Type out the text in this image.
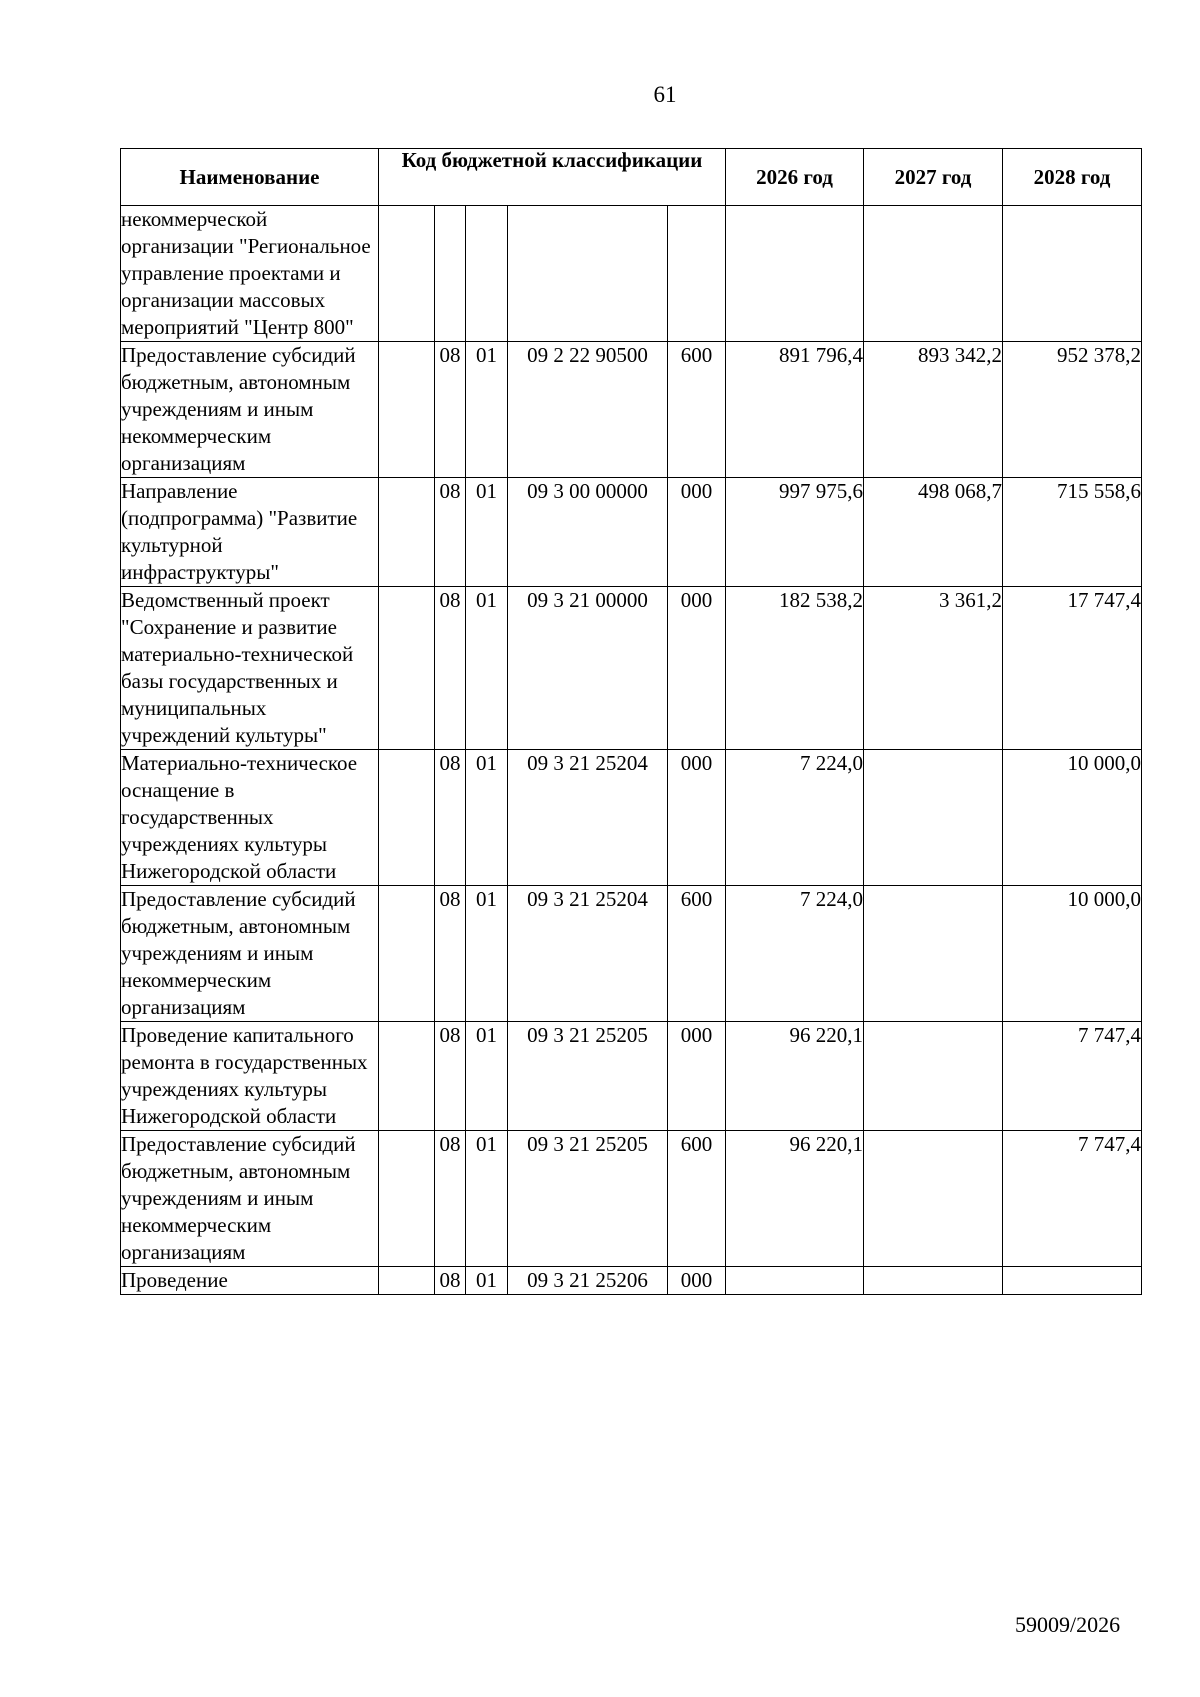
61
Наименование	Код бюджетной классификации					2026 год	2027 год	2028 год
некоммерческой организации "Региональное управление проектами и организации массовых мероприятий "Центр 800"								
Предоставление субсидий бюджетным, автономным учреждениям и иным некоммерческим организациям		08	01	09 2 22 90500	600	891 796,4	893 342,2	952 378,2
Направление (подпрограмма) "Развитие культурной инфраструктуры"		08	01	09 3 00 00000	000	997 975,6	498 068,7	715 558,6
Ведомственный проект "Сохранение и развитие материально-технической базы государственных и муниципальных учреждений культуры"		08	01	09 3 21 00000	000	182 538,2	3 361,2	17 747,4
Материально-техническое оснащение в государственных учреждениях культуры Нижегородской области		08	01	09 3 21 25204	000	7 224,0		10 000,0
Предоставление субсидий бюджетным, автономным учреждениям и иным некоммерческим организациям		08	01	09 3 21 25204	600	7 224,0		10 000,0
Проведение капитального ремонта в государственных учреждениях культуры Нижегородской области		08	01	09 3 21 25205	000	96 220,1		7 747,4
Предоставление субсидий бюджетным, автономным учреждениям и иным некоммерческим организациям		08	01	09 3 21 25205	600	96 220,1		7 747,4
Проведение		08	01	09 3 21 25206	000			
59009/2026
